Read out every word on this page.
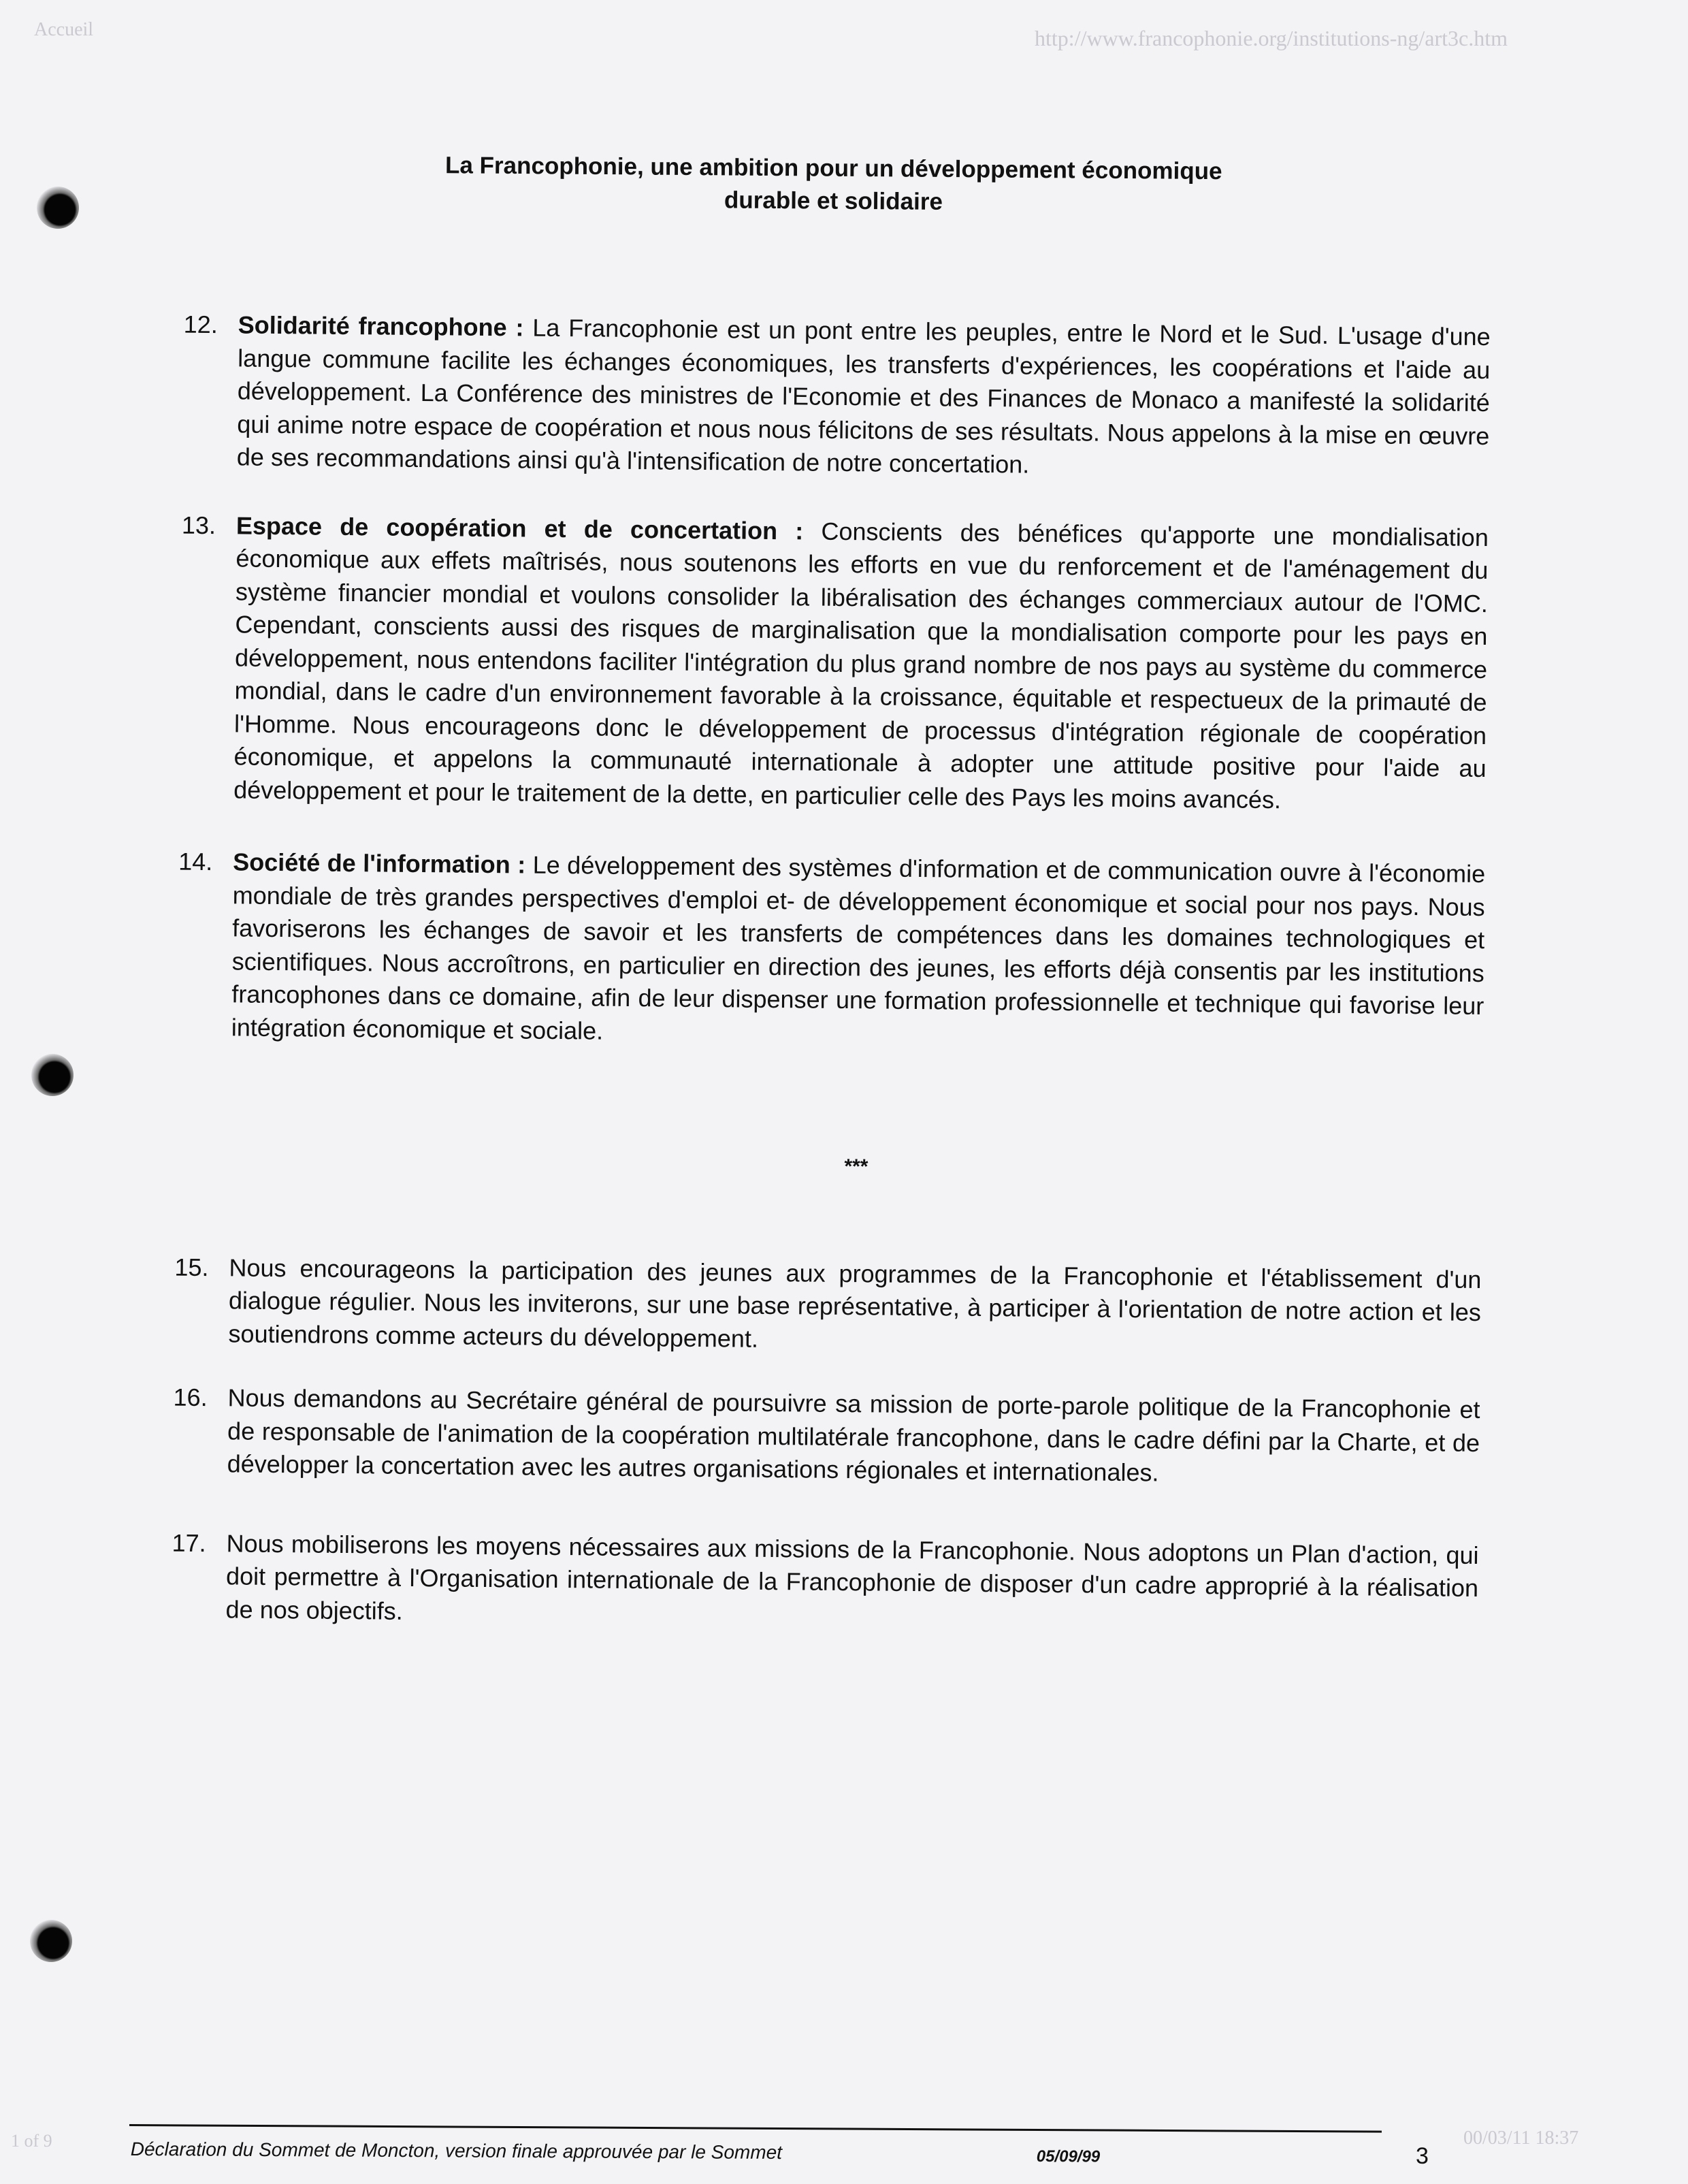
Accueil	http://www.francophonie.org/institutions-ng/art3c.htm
1 of 9	00/03/11 18:37
La Francophonie, une ambition pour un développement économique
durable et solidaire

12. Solidarité francophone : La Francophonie est un pont entre les peuples, entre le Nord et le Sud. L'usage d'une langue commune facilite les échanges économiques, les transferts d'expériences, les coopérations et l'aide au développement. La Conférence des ministres de l'Economie et des Finances de Monaco a manifesté la solidarité qui anime notre espace de coopération et nous nous félicitons de ses résultats. Nous appelons à la mise en œuvre de ses recommandations ainsi qu'à l'intensification de notre concertation.

13. Espace de coopération et de concertation : Conscients des bénéfices qu'apporte une mondialisation économique aux effets maîtrisés, nous soutenons les efforts en vue du renforcement et de l'aménagement du système financier mondial et voulons consolider la libéralisation des échanges commerciaux autour de l'OMC. Cependant, conscients aussi des risques de marginalisation que la mondialisation comporte pour les pays en développement, nous entendons faciliter l'intégration du plus grand nombre de nos pays au système du commerce mondial, dans le cadre d'un environnement favorable à la croissance, équitable et respectueux de la primauté de l'Homme. Nous encourageons donc le développement de processus d'intégration régionale de coopération économique, et appelons la communauté internationale à adopter une attitude positive pour l'aide au développement et pour le traitement de la dette, en particulier celle des Pays les moins avancés.

14. Société de l'information : Le développement des systèmes d'information et de communication ouvre à l'économie mondiale de très grandes perspectives d'emploi et- de développement économique et social pour nos pays. Nous favoriserons les échanges de savoir et les transferts de compétences dans les domaines technologiques et scientifiques. Nous accroîtrons, en particulier en direction des jeunes, les efforts déjà consentis par les institutions francophones dans ce domaine, afin de leur dispenser une formation professionnelle et technique qui favorise leur intégration économique et sociale.

***

15. Nous encourageons la participation des jeunes aux programmes de la Francophonie et l'établissement d'un dialogue régulier. Nous les inviterons, sur une base représentative, à participer à l'orientation de notre action et les soutiendrons comme acteurs du développement.

16. Nous demandons au Secrétaire général de poursuivre sa mission de porte-parole politique de la Francophonie et de responsable de l'animation de la coopération multilatérale francophone, dans le cadre défini par la Charte, et de développer la concertation avec les autres organisations régionales et internationales.

17. Nous mobiliserons les moyens nécessaires aux missions de la Francophonie. Nous adoptons un Plan d'action, qui doit permettre à l'Organisation internationale de la Francophonie de disposer d'un cadre approprié à la réalisation de nos objectifs.

Déclaration du Sommet de Moncton, version finale approuvée par le Sommet	05/09/99	3
